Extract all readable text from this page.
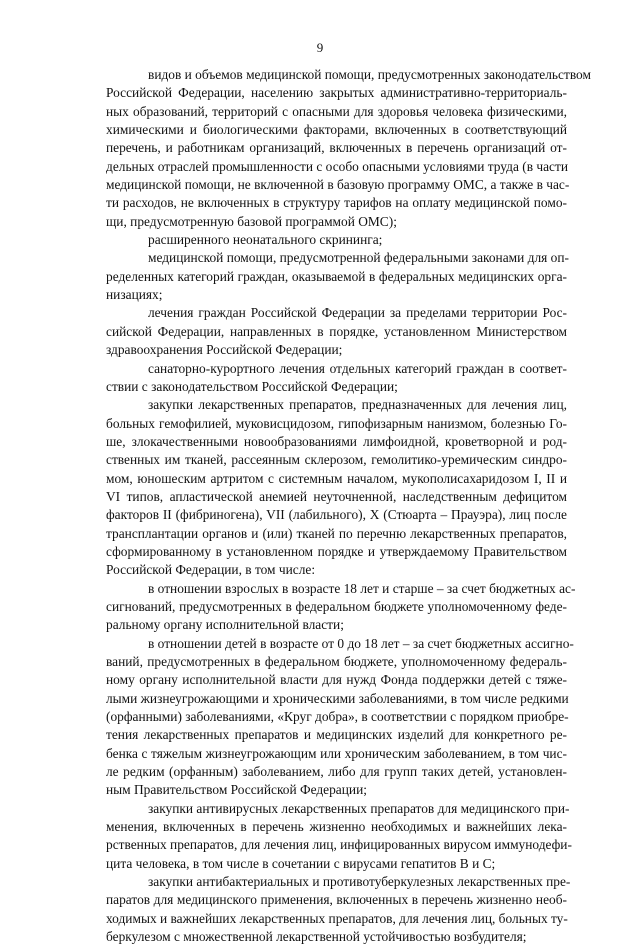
9
видов и объемов медицинской помощи, предусмотренных законодательством
Российской Федерации, населению закрытых административно-территориаль-
ных образований, территорий с опасными для здоровья человека физическими,
химическими и биологическими факторами, включенных в соответствующий
перечень, и работникам организаций, включенных в перечень организаций от-
дельных отраслей промышленности с особо опасными условиями труда (в части
медицинской помощи, не включенной в базовую программу ОМС, а также в час-
ти расходов, не включенных в структуру тарифов на оплату медицинской помо-
щи, предусмотренную базовой программой ОМС);
расширенного неонатального скрининга;
медицинской помощи, предусмотренной федеральными законами для оп-
ределенных категорий граждан, оказываемой в федеральных медицинских орга-
низациях;
лечения граждан Российской Федерации за пределами территории Рос-
сийской Федерации, направленных в порядке, установленном Министерством
здравоохранения Российской Федерации;
санаторно-курортного лечения отдельных категорий граждан в соответ-
ствии с законодательством Российской Федерации;
закупки лекарственных препаратов, предназначенных для лечения лиц,
больных гемофилией, муковисцидозом, гипофизарным нанизмом, болезнью Го-
ше, злокачественными новообразованиями лимфоидной, кроветворной и род-
ственных им тканей, рассеянным склерозом, гемолитико-уремическим синдро-
мом, юношеским артритом с системным началом, мукополисахаридозом I, II и
VI типов, апластической анемией неуточненной, наследственным дефицитом
факторов II (фибриногена), VII (лабильного), X (Стюарта – Прауэра), лиц после
трансплантации органов и (или) тканей по перечню лекарственных препаратов,
сформированному в установленном порядке и утверждаемому Правительством
Российской Федерации, в том числе:
в отношении взрослых в возрасте 18 лет и старше – за счет бюджетных ас-
сигнований, предусмотренных в федеральном бюджете уполномоченному феде-
ральному органу исполнительной власти;
в отношении детей в возрасте от 0 до 18 лет – за счет бюджетных ассигно-
ваний, предусмотренных в федеральном бюджете, уполномоченному федераль-
ному органу исполнительной власти для нужд Фонда поддержки детей с тяже-
лыми жизнеугрожающими и хроническими заболеваниями, в том числе редкими
(орфанными) заболеваниями, «Круг добра», в соответствии с порядком приобре-
тения лекарственных препаратов и медицинских изделий для конкретного ре-
бенка с тяжелым жизнеугрожающим или хроническим заболеванием, в том чис-
ле редким (орфанным) заболеванием, либо для групп таких детей, установлен-
ным Правительством Российской Федерации;
закупки антивирусных лекарственных препаратов для медицинского при-
менения, включенных в перечень жизненно необходимых и важнейших лека-
рственных препаратов, для лечения лиц, инфицированных вирусом иммунодефи-
цита человека, в том числе в сочетании с вирусами гепатитов B и C;
закупки антибактериальных и противотуберкулезных лекарственных пре-
паратов для медицинского применения, включенных в перечень жизненно необ-
ходимых и важнейших лекарственных препаратов, для лечения лиц, больных ту-
беркулезом с множественной лекарственной устойчивостью возбудителя;
